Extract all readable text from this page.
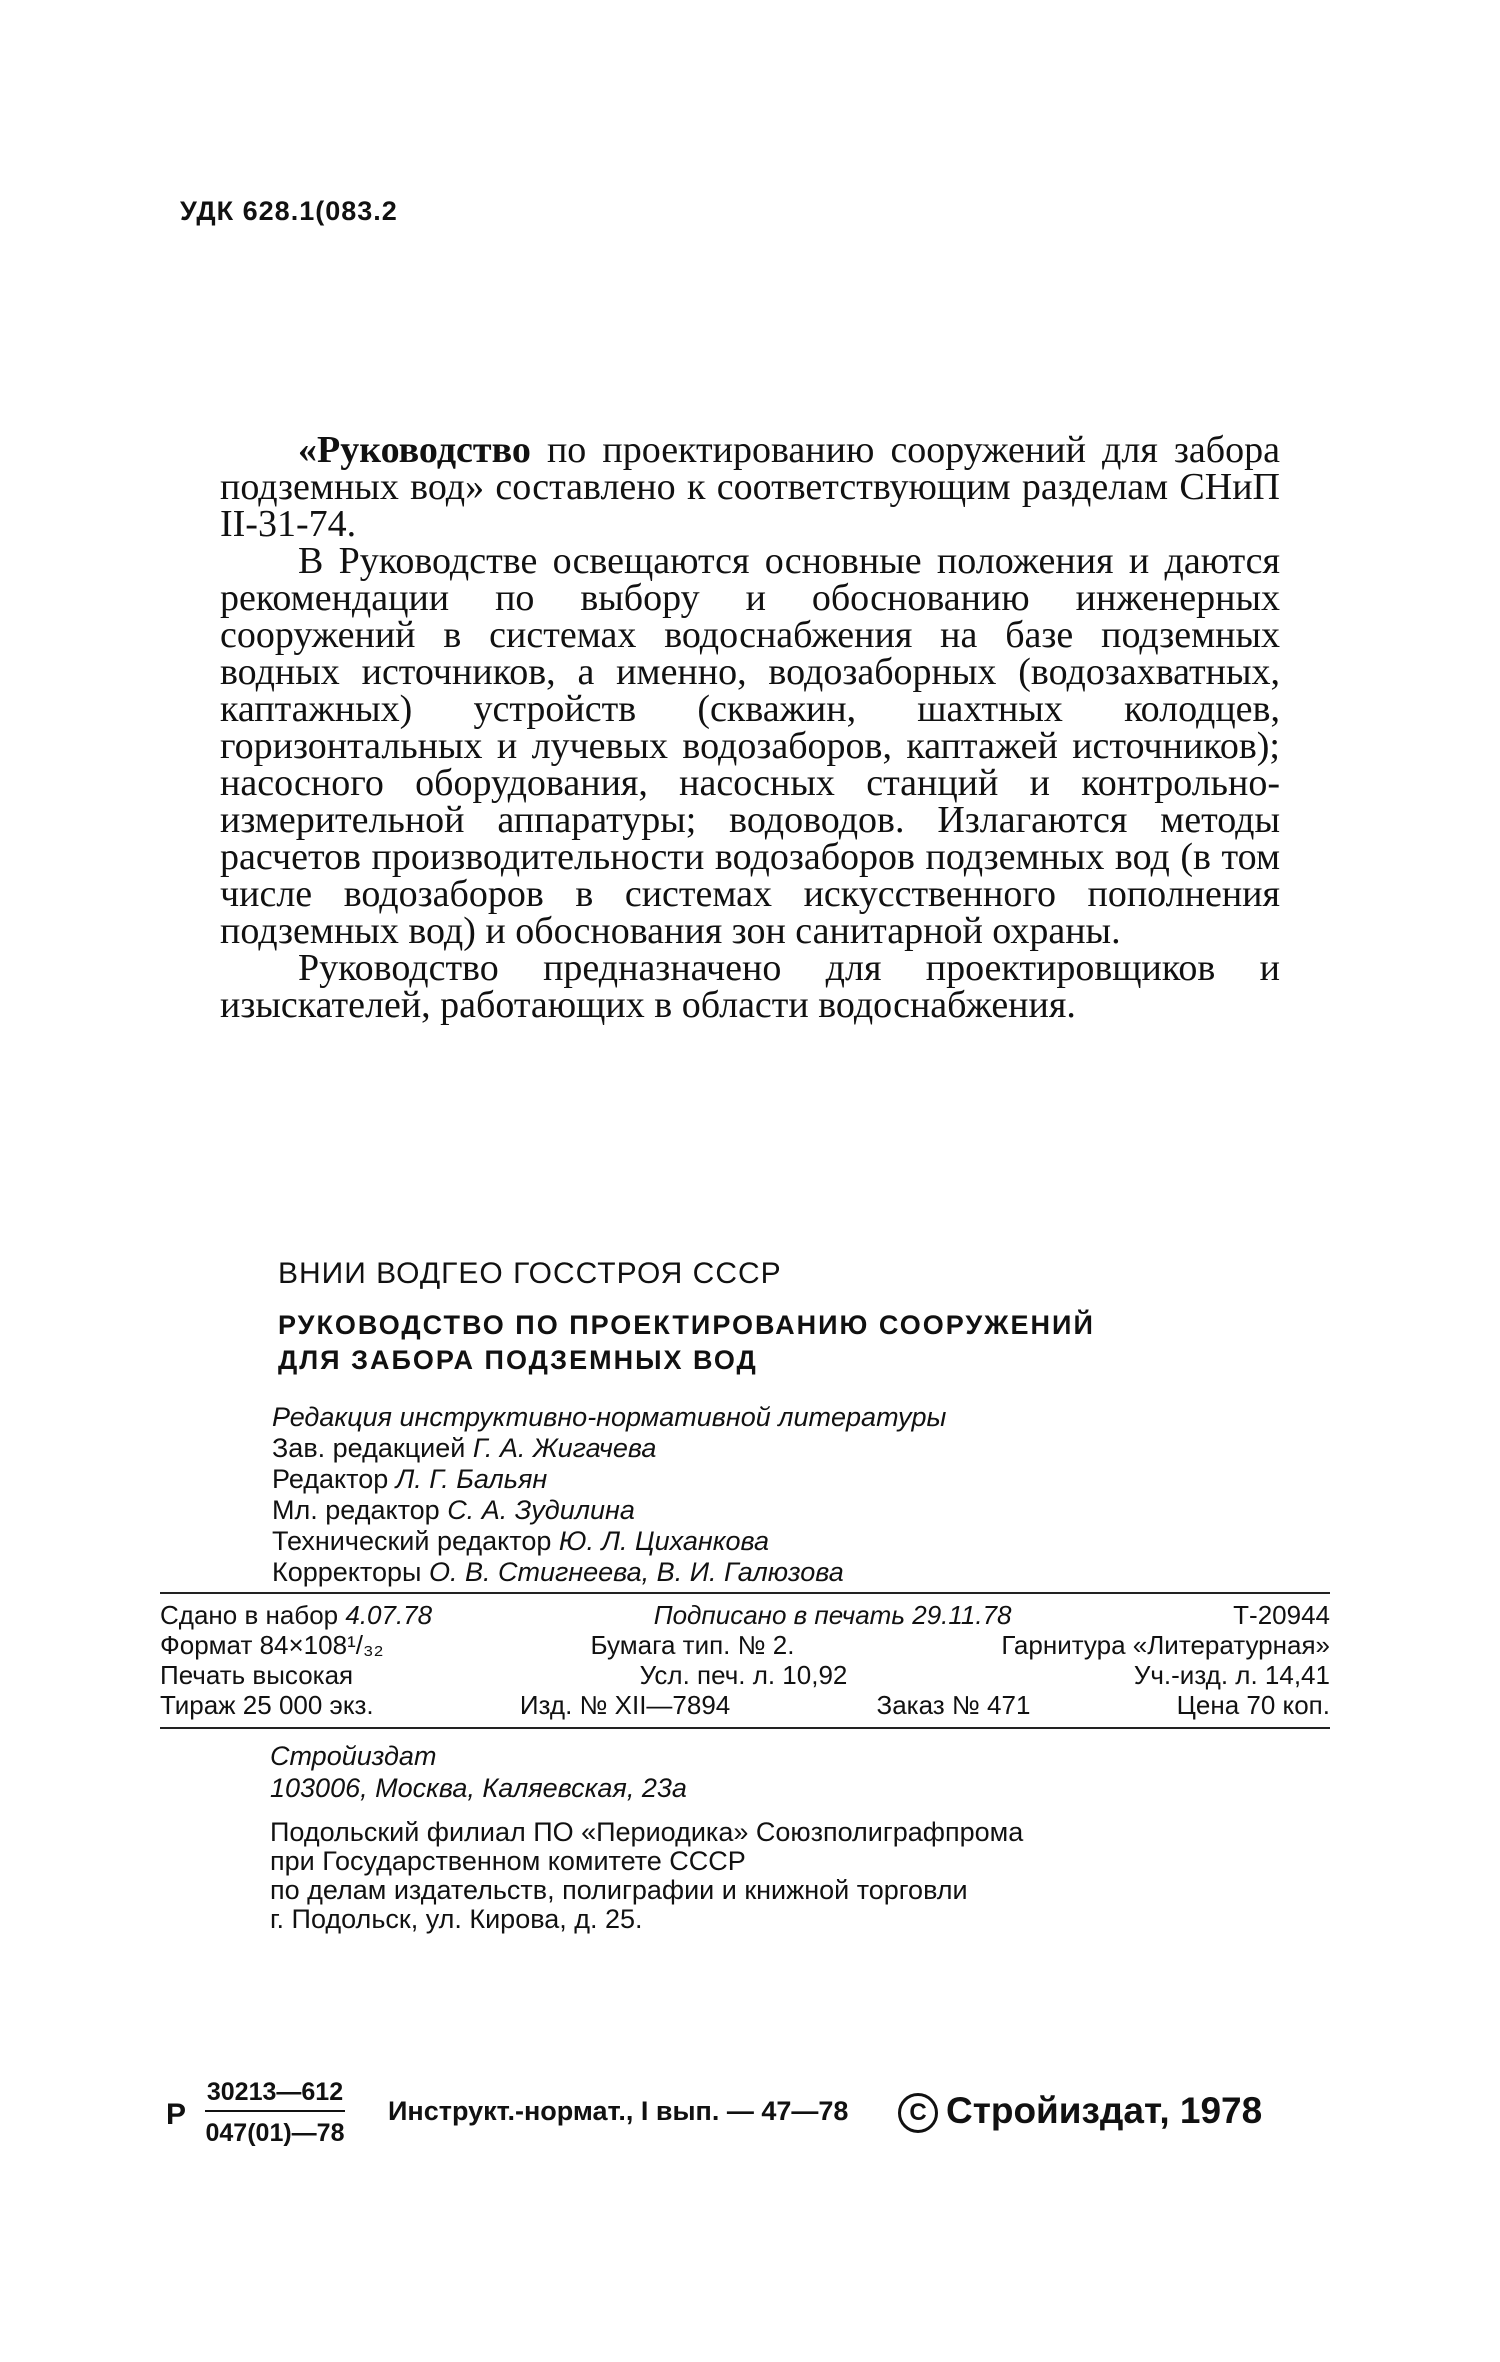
УДК 628.1(083.2

«Руководство по проектированию сооружений для забора подземных вод» составлено к соответствующим разделам СНиП II-31-74.

В Руководстве освещаются основные положения и даются рекомендации по выбору и обоснованию инженерных сооружений в системах водоснабжения на базе подземных водных источников, а именно, водозаборных (водозахватных, каптажных) устройств (скважин, шахтных колодцев, горизонтальных и лучевых водозаборов, каптажей источников); насосного оборудования, насосных станций и контрольно-измерительной аппаратуры; водоводов. Излагаются методы расчетов производительности водозаборов подземных вод (в том числе водозаборов в системах искусственного пополнения подземных вод) и обоснования зон санитарной охраны.

Руководство предназначено для проектировщиков и изыскателей, работающих в области водоснабжения.

ВНИИ ВОДГЕО ГОССТРОЯ СССР
РУКОВОДСТВО ПО ПРОЕКТИРОВАНИЮ СООРУЖЕНИЙ
ДЛЯ ЗАБОРА ПОДЗЕМНЫХ ВОД
Редакция инструктивно-нормативной литературы
Зав. редакцией Г. А. Жигачева
Редактор Л. Г. Бальян
Мл. редактор С. А. Зудилина
Технический редактор Ю. Л. Циханкова
Корректоры О. В. Стигнеева, В. И. Галюзова
Сдано в набор 4.07.78	Подписано в печать 29.11.78	Т-20944
Формат 84×108¹/₃₂	Бумага тип. № 2.	Гарнитура «Литературная»
Печать высокая	Усл. печ. л. 10,92	Уч.-изд. л. 14,41
Тираж 25 000 экз.	Изд. № XII—7894	Заказ № 471	Цена 70 коп.
Стройиздат
103006, Москва, Каляевская, 23а
Подольский филиал ПО «Периодика» Союзполиграфпрома
при Государственном комитете СССР
по делам издательств, полиграфии и книжной торговли
г. Подольск, ул. Кирова, д. 25.
Р $\frac{30213—612}{047(01)—78}$ Инструкт.-нормат., I вып. — 47—78	C Стройиздат, 1978
